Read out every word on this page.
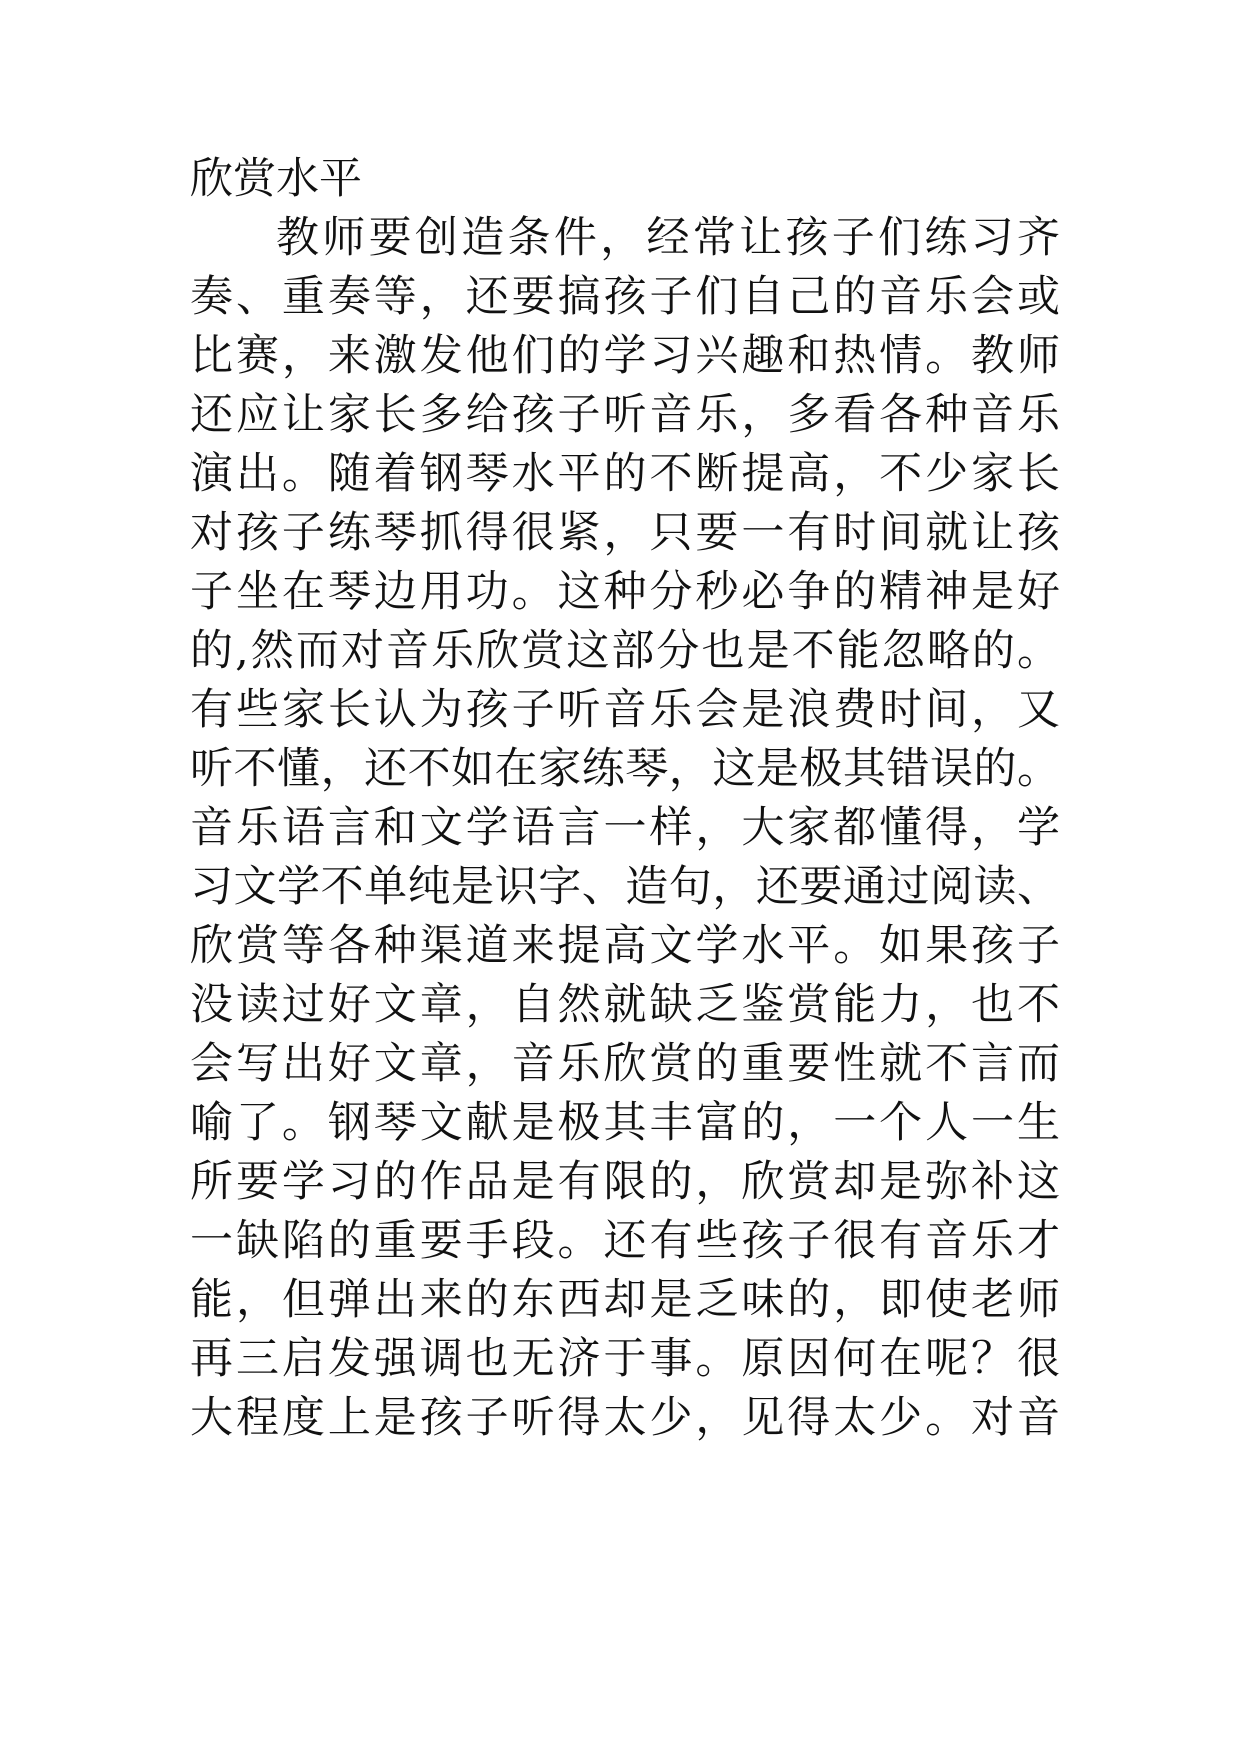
欣赏水平
教师要创造条件，经常让孩子们练习齐
奏、重奏等，还要搞孩子们自己的音乐会或
比赛，来激发他们的学习兴趣和热情。教师
还应让家长多给孩子听音乐，多看各种音乐
演出。随着钢琴水平的不断提高，不少家长
对孩子练琴抓得很紧，只要一有时间就让孩
子坐在琴边用功。这种分秒必争的精神是好
的,然而对音乐欣赏这部分也是不能忽略的。
有些家长认为孩子听音乐会是浪费时间，又
听不懂，还不如在家练琴，这是极其错误的。
音乐语言和文学语言一样，大家都懂得，学
习文学不单纯是识字、造句，还要通过阅读、
欣赏等各种渠道来提高文学水平。如果孩子
没读过好文章，自然就缺乏鉴赏能力，也不
会写出好文章，音乐欣赏的重要性就不言而
喻了。钢琴文献是极其丰富的，一个人一生
所要学习的作品是有限的，欣赏却是弥补这
一缺陷的重要手段。还有些孩子很有音乐才
能，但弹出来的东西却是乏味的，即使老师
再三启发强调也无济于事。原因何在呢？很
大程度上是孩子听得太少，见得太少。对音
